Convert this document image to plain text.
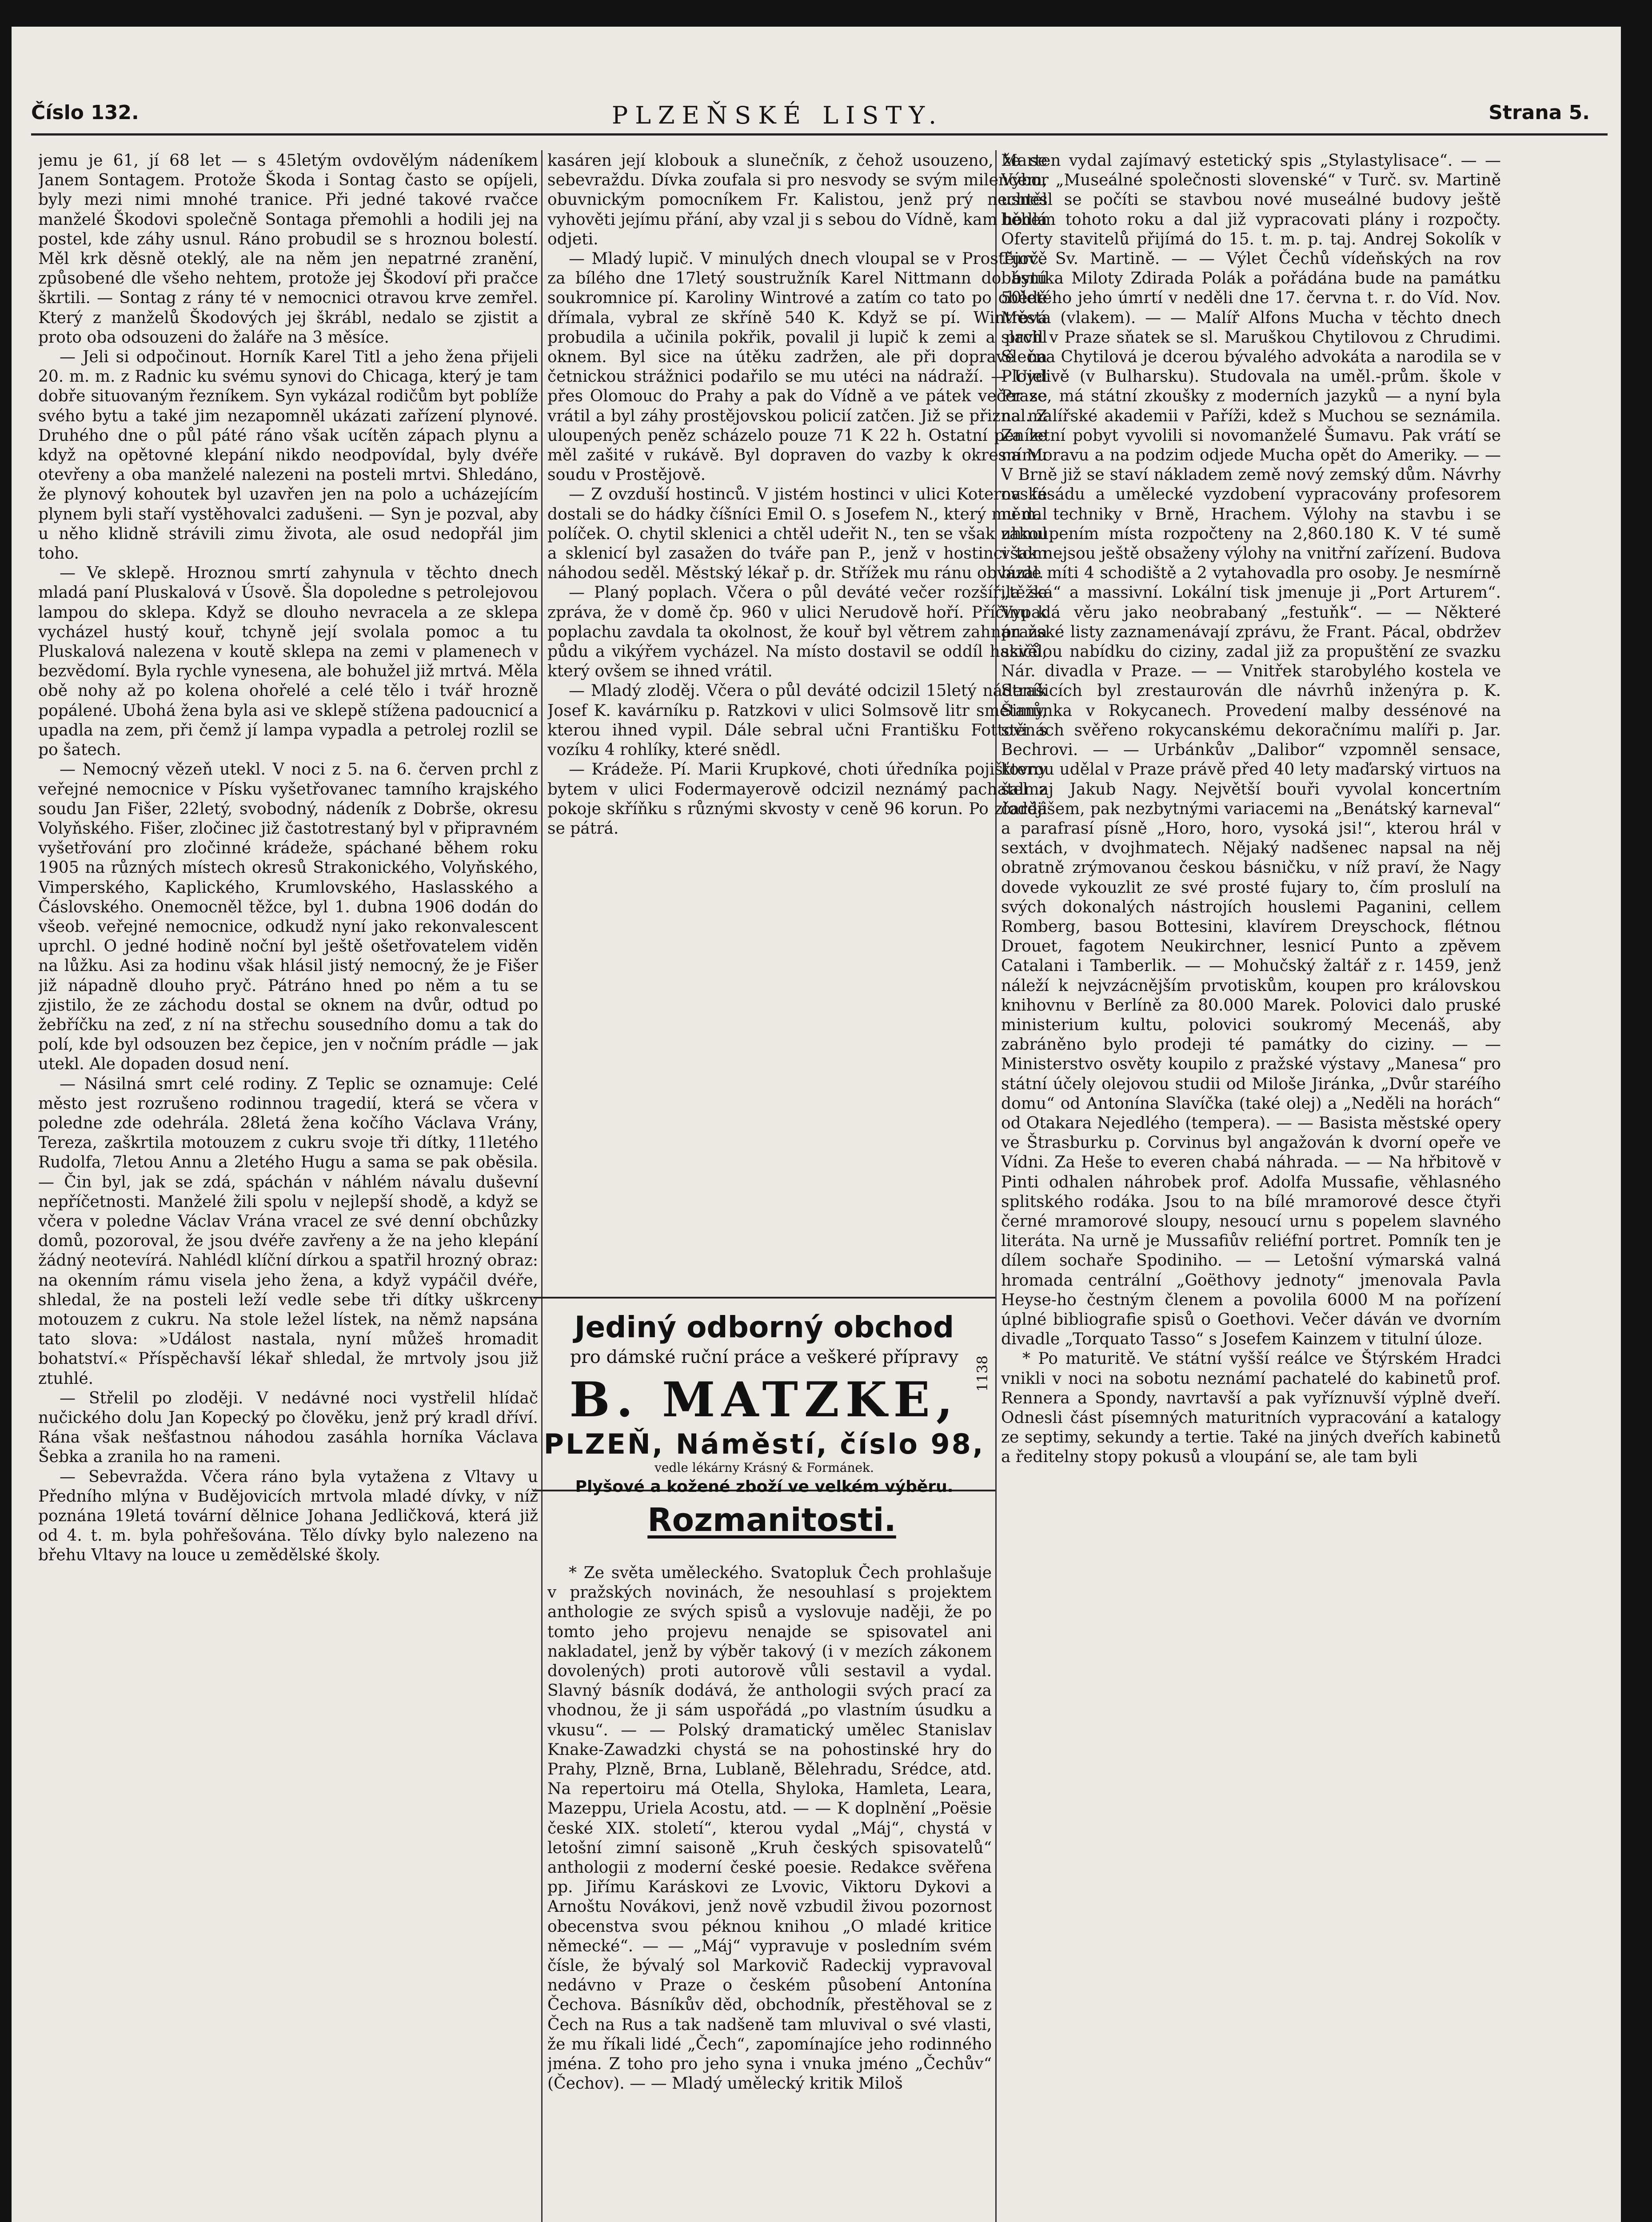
Číslo 132.	PLZEŇSKÉ LISTY.	Strana 5.

jemu je 61, jí 68 let — s 45letým ovdovělým nádeníkem Janem Sontagem. Protože Škoda i Sontag často se opíjeli, byly mezi nimi mnohé tranice. Při jedné takové rvačce manželé Škodovi společně Sontaga přemohli a hodili jej na postel, kde záhy usnul. Ráno probudil se s hroznou bolestí. Měl krk děsně oteklý, ale na něm jen nepatrné zranění, způsobené dle všeho nehtem, protože jej Škodoví při pračce škrtili. — Sontag z rány té v nemocnici otravou krve zemřel. Který z manželů Škodových jej škrábl, nedalo se zjistit a proto oba odsouzeni do žaláře na 3 měsíce.

— Jeli si odpočinout. Horník Karel Titl a jeho žena přijeli 20. m. m. z Radnic ku svému synovi do Chicaga, který je tam dobře situovaným řezníkem. Syn vykázal rodičům byt poblíže svého bytu a také jim nezapomněl ukázati zařízení plynové. Druhého dne o půl páté ráno však ucítěn zápach plynu a když na opětovné klepání nikdo neodpovídal, byly dvéře otevřeny a oba manželé nalezeni na posteli mrtvi. Shledáno, že plynový kohoutek byl uzavřen jen na polo a ucházejícím plynem byli staří vystěhovalci zadušeni. — Syn je pozval, aby u něho klidně strávili zimu života, ale osud nedopřál jim toho.

— Ve sklepě. Hroznou smrtí zahynula v těchto dnech mladá paní Pluskalová v Úsově. Šla dopoledne s petrolejovou lampou do sklepa. Když se dlouho nevracela a ze sklepa vycházel hustý kouř, tchyně její svolala pomoc a tu Pluskalová nalezena v koutě sklepa na zemi v plamenech v bezvědomí. Byla rychle vynesena, ale bohužel již mrtvá. Měla obě nohy až po kolena ohořelé a celé tělo i tvář hrozně popálené. Ubohá žena byla asi ve sklepě stížena padoucnicí a upadla na zem, při čemž jí lampa vypadla a petrolej rozlil se po šatech.

— Nemocný vězeň utekl. V noci z 5. na 6. červen prchl z veřejné nemocnice v Písku vyšetřovanec tamního krajského soudu Jan Fišer, 22letý, svobodný, nádeník z Dobrše, okresu Volyňského. Fišer, zločinec již častotrestaný byl v připravném vyšetřování pro zločinné krádeže, spáchané během roku 1905 na různých místech okresů Strakonického, Volyňského, Vimperského, Kaplického, Krumlovského, Haslasského a Čáslovského. Onemocněl těžce, byl 1. dubna 1906 dodán do všeob. veřejné nemocnice, odkudž nyní jako rekonvalescent uprchl. O jedné hodině noční byl ještě ošetřovatelem viděn na lůžku. Asi za hodinu však hlásil jistý nemocný, že je Fišer již nápadně dlouho pryč. Pátráno hned po něm a tu se zjistilo, že ze záchodu dostal se oknem na dvůr, odtud po žebříčku na zeď, z ní na střechu sousedního domu a tak do polí, kde byl odsouzen bez čepice, jen v nočním prádle — jak utekl. Ale dopaden dosud není.

— Násilná smrt celé rodiny. Z Teplic se oznamuje: Celé město jest rozrušeno rodinnou tragedií, která se včera v poledne zde odehrála. 28letá žena kočího Václava Vrány, Tereza, zaškrtila motouzem z cukru svoje tři dítky, 11letého Rudolfa, 7letou Annu a 2letého Hugu a sama se pak oběsila. — Čin byl, jak se zdá, spáchán v náhlém návalu duševní nepříčetnosti. Manželé žili spolu v nejlepší shodě, a když se včera v poledne Václav Vrána vracel ze své denní obchůzky domů, pozoroval, že jsou dvéře zavřeny a že na jeho klepání žádný neotevírá. Nahlédl klíční dírkou a spatřil hrozný obraz: na okenním rámu visela jeho žena, a když vypáčil dvéře, shledal, že na posteli leží vedle sebe tři dítky uškrceny motouzem z cukru. Na stole ležel lístek, na němž napsána tato slova: »Událost nastala, nyní můžeš hromadit bohatství.« Příspěchavší lékař shledal, že mrtvoly jsou již ztuhlé.

— Střelil po zloději. V nedávné noci vystřelil hlídač nučického dolu Jan Kopecký po člověku, jenž prý kradl dříví. Rána však nešťastnou náhodou zasáhla horníka Václava Šebka a zranila ho na rameni.

— Sebevražda. Včera ráno byla vytažena z Vltavy u Předního mlýna v Budějovicích mrtvola mladé dívky, v níž poznána 19letá tovární dělnice Johana Jedličková, která již od 4. t. m. byla pohřešována. Tělo dívky bylo nalezeno na břehu Vltavy na louce u zemědělské školy.

kasáren její klobouk a slunečník, z čehož usouzeno, že se sebevraždu. Dívka zoufala si pro nesvody se svým milencem, obuvnickým pomocníkem Fr. Kalistou, jenž prý nechtěl vyhověti jejímu přání, aby vzal ji s sebou do Vídně, kam hodlá odjeti.

— Mladý lupič. V minulých dnech vloupal se v Prostějově za bílého dne 17letý soustružník Karel Nittmann do bytu soukromnice pí. Karoliny Wintrové a zatím co tato po obědě dřímala, vybral ze skříně 540 K. Když se pí. Wintrová probudila a učinila pokřik, povalil ji lupič k zemi a prchl oknem. Byl sice na útěku zadržen, ale při dopravě na četnickou strážnici podařilo se mu utéci na nádraží. — Ujel přes Olomouc do Prahy a pak do Vídně a ve pátek večer se vrátil a byl záhy prostějovskou policií zatčen. Již se přiznal. Z uloupených peněz scházelo pouze 71 K 22 h. Ostatní peníze měl zašité v rukávě. Byl dopraven do vazby k okresnímu soudu v Prostějově.

— Z ovzduší hostinců. V jistém hostinci v ulici Koterovské dostali se do hádky číšníci Emil O. s Josefem N., který mu dal políček. O. chytil sklenici a chtěl udeřit N., ten se však uhnul a sklenicí byl zasažen do tváře pan P., jenž v hostinci tom náhodou seděl. Městský lékař p. dr. Střížek mu ránu obvázal.

— Planý poplach. Včera o půl deváté večer rozšířila se zpráva, že v domě čp. 960 v ulici Nerudově hoří. Příčinu k poplachu zavdala ta okolnost, že kouř byl větrem zahnán na půdu a vikýřem vycházel. Na místo dostavil se oddíl hasičů, který ovšem se ihned vrátil.

— Mladý zloděj. Včera o půl deváté odcizil 15letý nádeník Josef K. kavárníku p. Ratzkovi v ulici Solmsově litr smetany, kterou ihned vypil. Dále sebral učni Františku Fottovi s vozíku 4 rohlíky, které snědl.

— Krádeže. Pí. Marii Krupkové, choti úředníka pojišťovny bytem v ulici Fodermayerově odcizil neznámý pachatel z pokoje skříňku s různými skvosty v ceně 96 korun. Po zloději se pátrá.

Jediný odborný obchod
pro dámské ruční práce a veškeré přípravy
B. MATZKE,
PLZEŇ, Náměstí, číslo 98,
vedle lékárny Krásný & Formánek.
Plyšové a kožené zboží ve velkém výběru.
1138
Rozmanitosti.

* Ze světa uměleckého. Svatopluk Čech prohlašuje v pražských novinách, že nesouhlasí s projektem anthologie ze svých spisů a vyslovuje naději, že po tomto jeho projevu nenajde se spisovatel ani nakladatel, jenž by výběr takový (i v mezích zákonem dovolených) proti autorově vůli sestavil a vydal. Slavný básník dodává, že anthologii svých prací za vhodnou, že ji sám uspořádá „po vlastním úsudku a vkusu“. — — Polský dramatický umělec Stanislav Knake-Zawadzki chystá se na pohostinské hry do Prahy, Plzně, Brna, Lublaně, Bělehradu, Srédce, atd. Na repertoiru má Otella, Shyloka, Hamleta, Leara, Mazeppu, Uriela Acostu, atd. — — K doplnění „Poësie české XIX. století“, kterou vydal „Máj“, chystá v letošní zimní saisoně „Kruh českých spisovatelů“ anthologii z moderní české poesie. Redakce svěřena pp. Jiřímu Karáskovi ze Lvovic, Viktoru Dykovi a Arnoštu Novákovi, jenž nově vzbudil živou pozornost obecenstva svou péknou knihou „O mladé kritice německé“. — — „Máj“ vypravuje v posledním svém čísle, že bývalý sol Markovič Radeckij vypravoval nedávno v Praze o českém působení Antonína Čechova. Básníkův děd, obchodník, přestěhoval se z Čech na Rus a tak nadšeně tam mluvival o své vlasti, že mu říkali lidé „Čech“, zapomínajíce jeho rodinného jména. Z toho pro jeho syna i vnuka jméno „Čechův“ (Čechov). — — Mladý umělecký kritik Miloš

Marten vydal zajímavý estetický spis „Stylastylisace“. — — Výbor „Museálné společnosti slovenské“ v Turč. sv. Martině usnesl se počíti se stavbou nové museálné budovy ještě během tohoto roku a dal již vypracovati plány i rozpočty. Oferty stavitelů přijímá do 15. t. m. p. taj. Andrej Sokolík v Turč. Sv. Martině. — — Výlet Čechů vídeňských na rov básníka Miloty Zdirada Polák a pořádána bude na památku 50letého jeho úmrtí v neděli dne 17. června t. r. do Víd. Nov. Města (vlakem). — — Malíř Alfons Mucha v těchto dnech slavil v Praze sňatek se sl. Maruškou Chytilovou z Chrudimi. Slečna Chytilová je dcerou bývalého advokáta a narodila se v Plovdivě (v Bulharsku). Studovala na uměl.-prům. škole v Praze, má státní zkoušky z moderních jazyků — a nyní byla na malířské akademii v Paříži, kdež s Muchou se seznámila. Za letní pobyt vyvolili si novomanželé Šumavu. Pak vrátí se na Moravu a na podzim odjede Mucha opět do Ameriky. — — V Brně již se staví nákladem země nový zemský dům. Návrhy na fasádu a umělecké vyzdobení vypracovány profesorem něm. techniky v Brně, Hrachem. Výlohy na stavbu i se zakoupením místa rozpočteny na 2,860.180 K. V té sumě však nejsou ještě obsaženy výlohy na vnitřní zařízení. Budova bude míti 4 schodiště a 2 vytahovadla pro osoby. Je nesmírně „těžká“ a massivní. Lokální tisk jmenuje ji „Port Arturem“. Vypadá věru jako neobrabaný „festuňk“. — — Některé pražské listy zaznamenávají zprávu, že Frant. Pácal, obdržev skvělou nabídku do ciziny, zadal již za propuštění ze svazku Nár. divadla v Praze. — — Vnitřek starobylého kostela ve Strašicích byl zrestaurován dle návrhů inženýra p. K. Šimůnka v Rokycanech. Provedení malby dessénové na stěnách svěřeno rokycanskému dekoračnímu malíři p. Jar. Bechrovi. — — Urbánkův „Dalibor“ vzpomněl sensace, kterou udělal v Praze právě před 40 lety maďarský virtuos na šalmaj Jakub Nagy. Největší bouři vyvolal koncertním čardášem, pak nezbytnými variacemi na „Benátský karneval“ a parafrasí písně „Horo, horo, vysoká jsi!“, kterou hrál v sextách, v dvojhmatech. Nějaký nadšenec napsal na něj obratně zrýmovanou českou básničku, v níž praví, že Nagy dovede vykouzlit ze své prosté fujary to, čím proslulí na svých dokonalých nástrojích houslemi Paganini, cellem Romberg, basou Bottesini, klavírem Dreyschock, flétnou Drouet, fagotem Neukirchner, lesnicí Punto a zpěvem Catalani i Tamberlik. — — Mohučský žaltář z r. 1459, jenž náleží k nejvzácnějším prvotiskům, koupen pro královskou knihovnu v Berlíně za 80.000 Marek. Polovici dalo pruské ministerium kultu, polovici soukromý Mecenáš, aby zabráněno bylo prodeji té památky do ciziny. — — Ministerstvo osvěty koupilo z pražské výstavy „Manesa“ pro státní účely olejovou studii od Miloše Jiránka, „Dvůr staréího domu“ od Antonína Slavíčka (také olej) a „Neděli na horách“ od Otakara Nejedlého (tempera). — — Basista městské opery ve Štrasburku p. Corvinus byl angažován k dvorní opeře ve Vídni. Za Heše to everen chabá náhrada. — — Na hřbitově v Pinti odhalen náhrobek prof. Adolfa Mussafie, věhlasného splitského rodáka. Jsou to na bílé mramorové desce čtyři černé mramorové sloupy, nesoucí urnu s popelem slavného literáta. Na urně je Mussafiův reliéfní portret. Pomník ten je dílem sochaře Spodiniho. — — Letošní výmarská valná hromada centrální „Goëthovy jednoty“ jmenovala Pavla Heyse-ho čestným členem a povolila 6000 M na pořízení úplné bibliografie spisů o Goethovi. Večer dáván ve dvorním divadle „Torquato Tasso“ s Josefem Kainzem v titulní úloze.

* Po maturitě. Ve státní vyšší reálce ve Štýrském Hradci vnikli v noci na sobotu neznámí pachatelé do kabinetů prof. Rennera a Spondy, navrtavší a pak vyříznuvší výplně dveří. Odnesli část písemných maturitních vypracování a katalogy ze septimy, sekundy a tertie. Také na jiných dveřích kabinetů a ředitelny stopy pokusů a vloupání se, ale tam byli
